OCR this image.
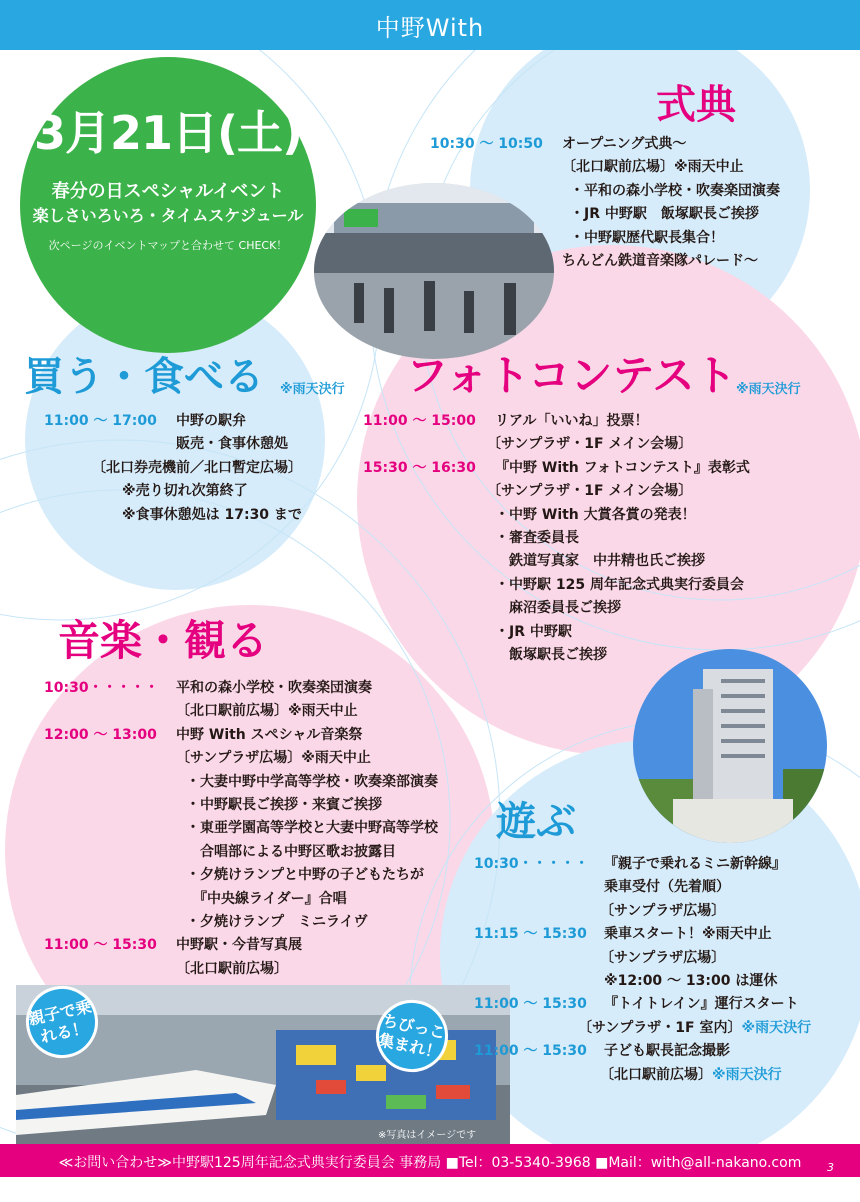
中野With
3月21日(土)
春分の日スペシャルイベント
楽しさいろいろ・タイムスケジュール
次ページのイベントマップと合わせて CHECK！
※写真はイメージです
親子で乗れる！	ちびっこ集まれ！
式典
10:30 ～ 10:50	オープニング式典～
〔北口駅前広場〕※雨天中止
・平和の森小学校・吹奏楽団演奏
・JR 中野駅　飯塚駅長ご挨拶
・中野駅歴代駅長集合！
ちんどん鉄道音楽隊パレード～
買う・食べる ※雨天決行
11:00 ～ 17:00	中野の駅弁
販売・食事休憩処
〔北口券売機前／北口暫定広場〕
※売り切れ次第終了
※食事休憩処は 17:30 まで
フォトコンテスト ※雨天決行
11:00 ～ 15:00	リアル「いいね」投票！
〔サンプラザ・1F メイン会場〕
15:30 ～ 16:30	『中野 With フォトコンテスト』表彰式
〔サンプラザ・1F メイン会場〕
・中野 With 大賞各賞の発表！
・審査委員長
　鉄道写真家　中井精也氏ご挨拶
・中野駅 125 周年記念式典実行委員会
　麻沼委員長ご挨拶
・JR 中野駅
　飯塚駅長ご挨拶
音楽・観る
10:30・・・・・	平和の森小学校・吹奏楽団演奏
〔北口駅前広場〕※雨天中止
12:00 ～ 13:00	中野 With スペシャル音楽祭
〔サンプラザ広場〕※雨天中止
・大妻中野中学高等学校・吹奏楽部演奏
・中野駅長ご挨拶・来賓ご挨拶
・東亜学園高等学校と大妻中野高等学校
　合唱部による中野区歌お披露目
・夕焼けランプと中野の子どもたちが
　『中央線ライダー』合唱
・夕焼けランプ　ミニライヴ
11:00 ～ 15:30	中野駅・今昔写真展
〔北口駅前広場〕
遊ぶ
10:30・・・・・	『親子で乗れるミニ新幹線』
乗車受付（先着順）
〔サンプラザ広場〕
11:15 ～ 15:30	乗車スタート！※雨天中止
〔サンプラザ広場〕
※12:00 ～ 13:00 は運休
11:00 ～ 15:30	『トイトレイン』運行スタート
〔サンプラザ・1F 室内〕※雨天決行
11:00 ～ 15:30	子ども駅長記念撮影
〔北口駅前広場〕※雨天決行
≪お問い合わせ≫中野駅125周年記念式典実行委員会 事務局 ■Tel：03-5340-3968 ■Mail：with@all-nakano.com	3
